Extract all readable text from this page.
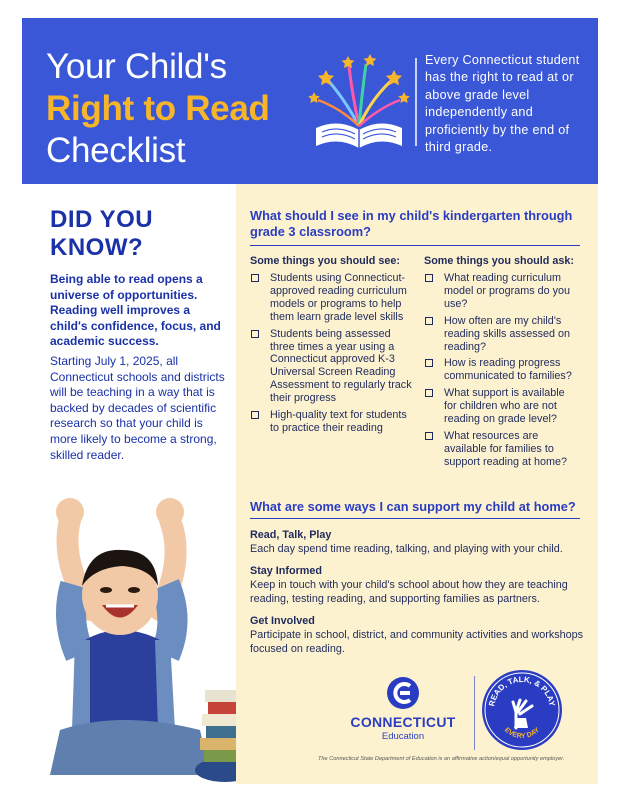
Your Child's
Right to Read
Checklist
Every Connecticut student has the right to read at or above grade level independently and proficiently by the end of third grade.
DID YOU
KNOW?
Being able to read opens a universe of opportunities. Reading well improves a child's confidence, focus, and academic success.
Starting July 1, 2025, all Connecticut schools and districts will be teaching in a way that is backed by decades of scientific research so that your child is more likely to become a strong, skilled reader.
What should I see in my child's kindergarten through grade 3 classroom?
Some things you should see:
Students using Connecticut-approved reading curriculum models or programs to help them learn grade level skills
Students being assessed three times a year using a Connecticut approved K-3 Universal Screen Reading Assessment to regularly track their progress
High-quality text for students to practice their reading
Some things you should ask:
What reading curriculum model or programs do you use?
How often are my child's reading skills assessed on reading?
How is reading progress communicated to families?
What support is available for children who are not reading on grade level?
What resources are available for families to support reading at home?
What are some ways I can support my child at home?
Read, Talk, Play
Each day spend time reading, talking, and playing with your child.
Stay Informed
Keep in touch with your child's school about how they are teaching reading, testing reading, and supporting families as partners.
Get Involved
Participate in school, district, and community activities and workshops focused on reading.
CONNECTICUT
Education
READ, TALK, & PLAY
EVERY DAY
The Connecticut State Department of Education is an affirmative action/equal opportunity employer.
